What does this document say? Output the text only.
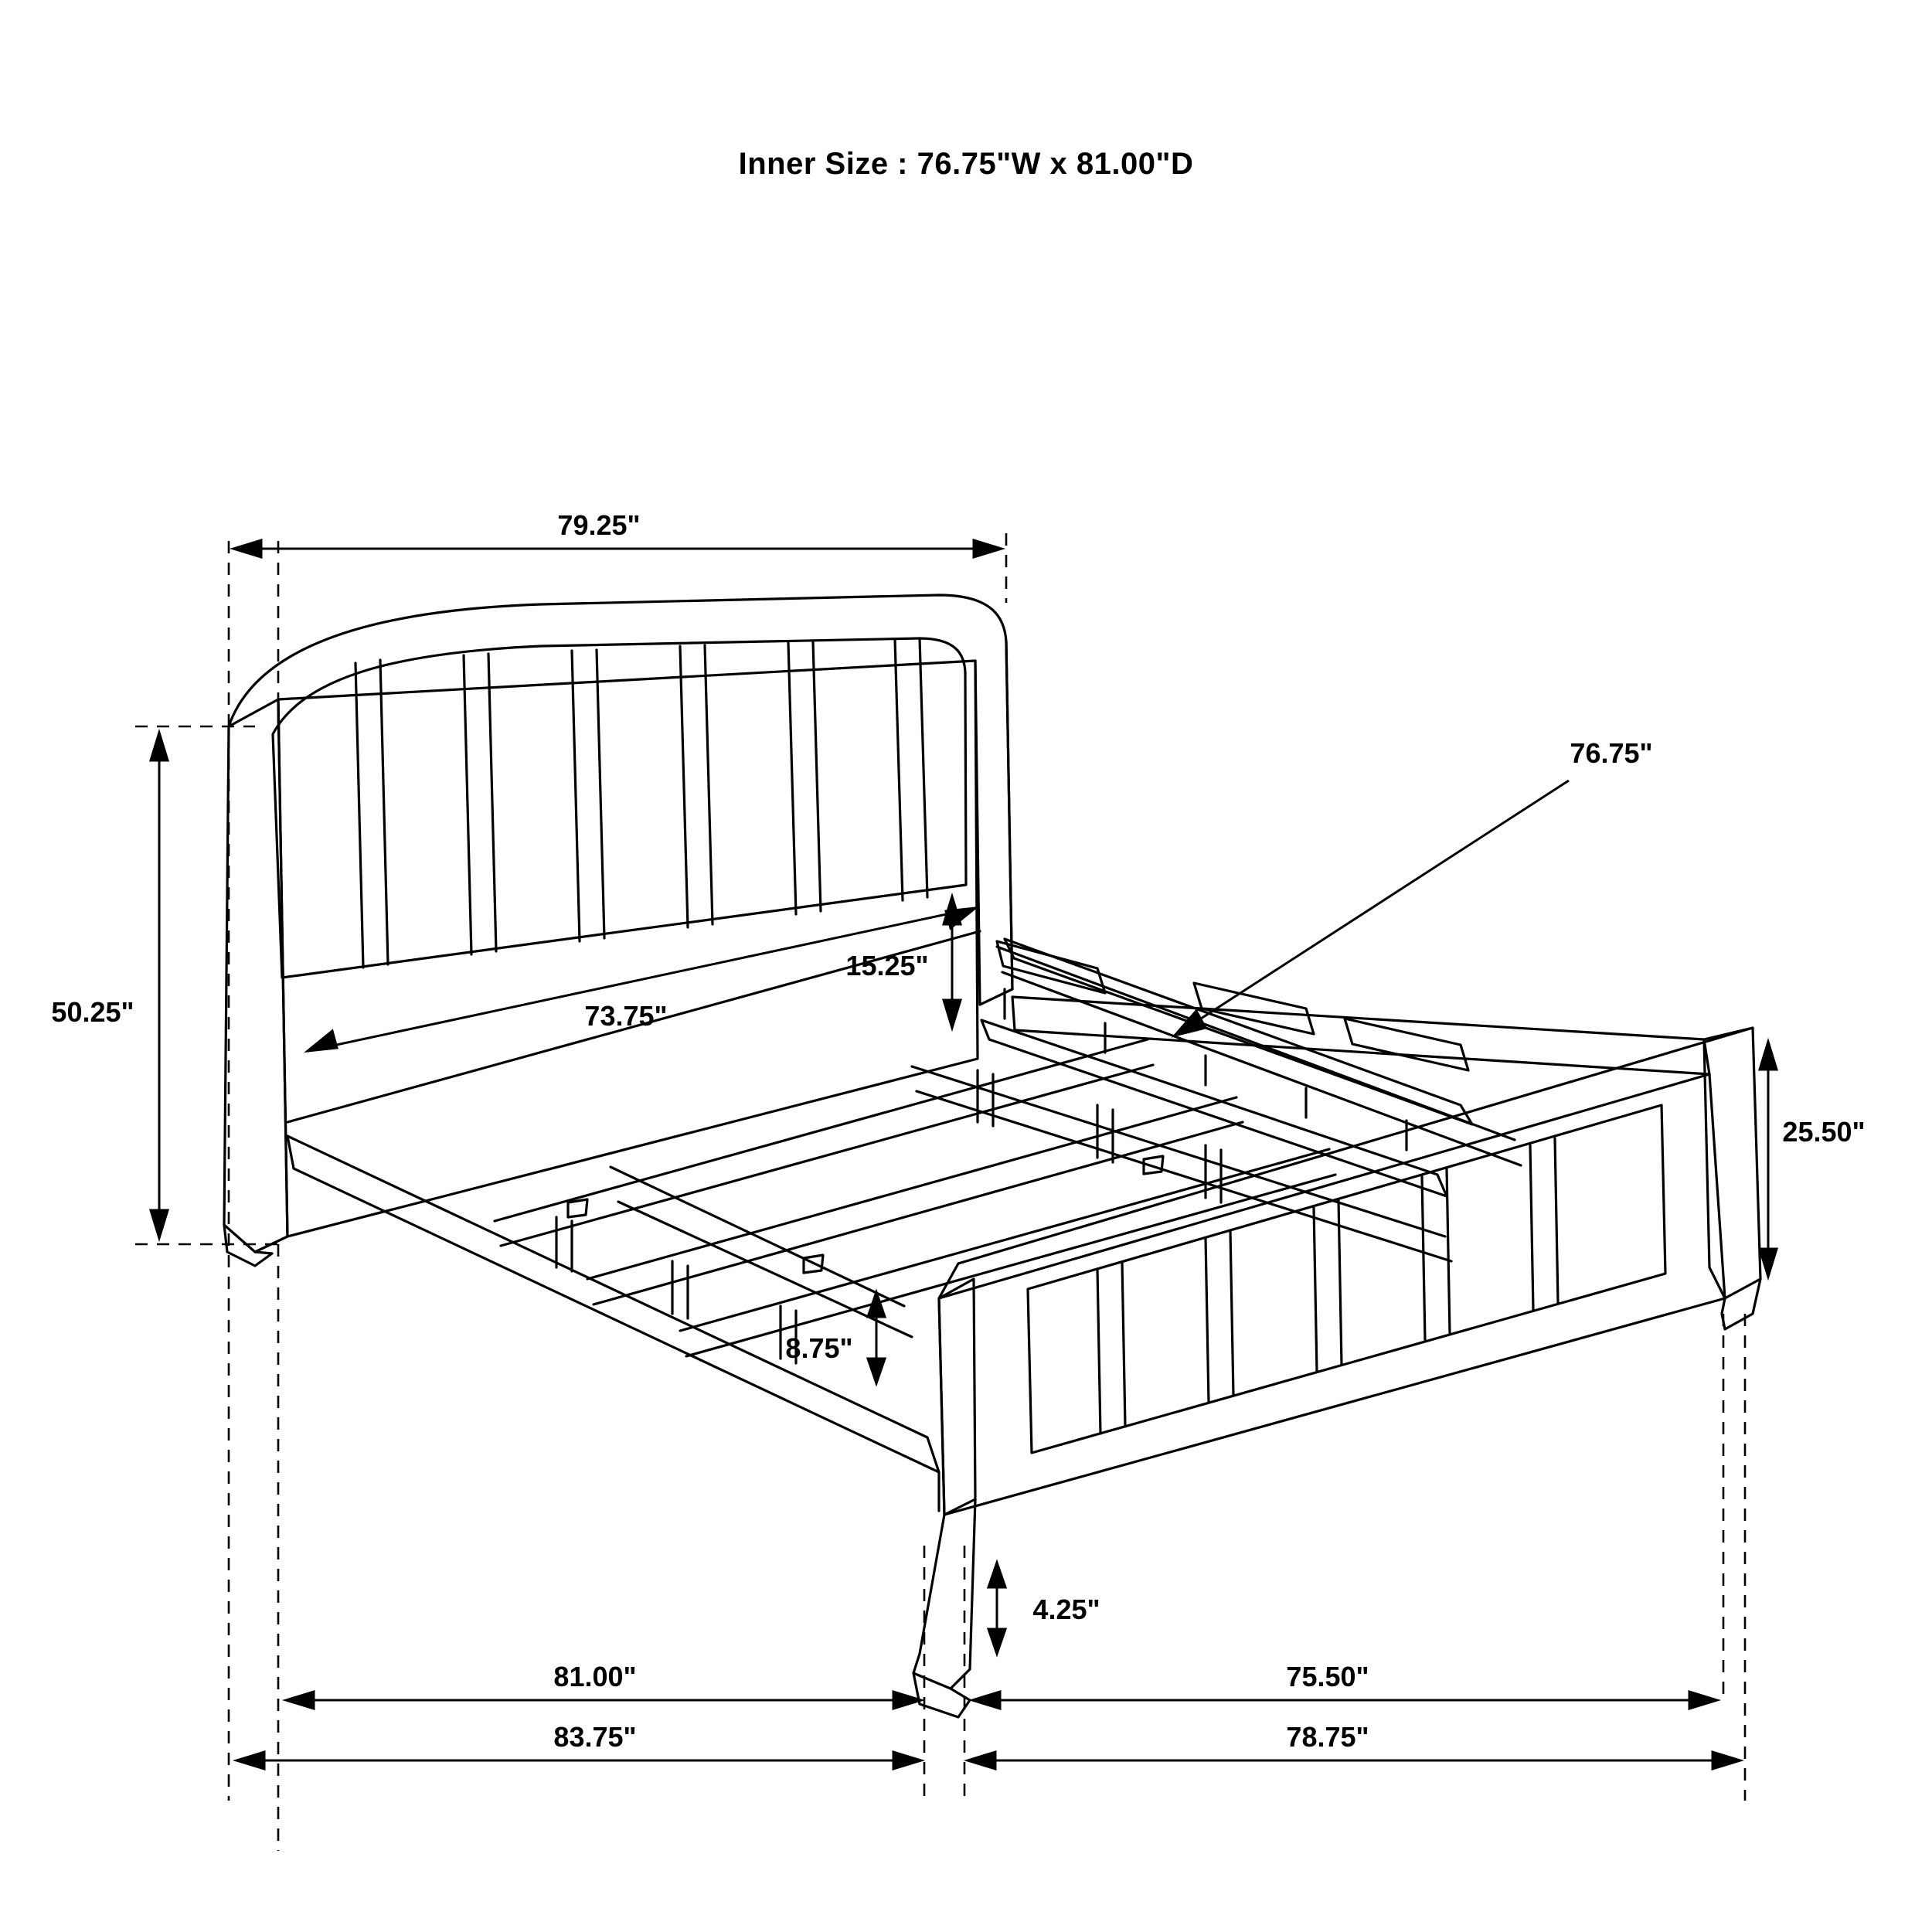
Inner Size : 76.75"W x 81.00"D
79.25"
50.25"
76.75"
15.25"
73.75"
25.50"
8.75"
4.25"
81.00"	75.50"
83.75"	78.75"
